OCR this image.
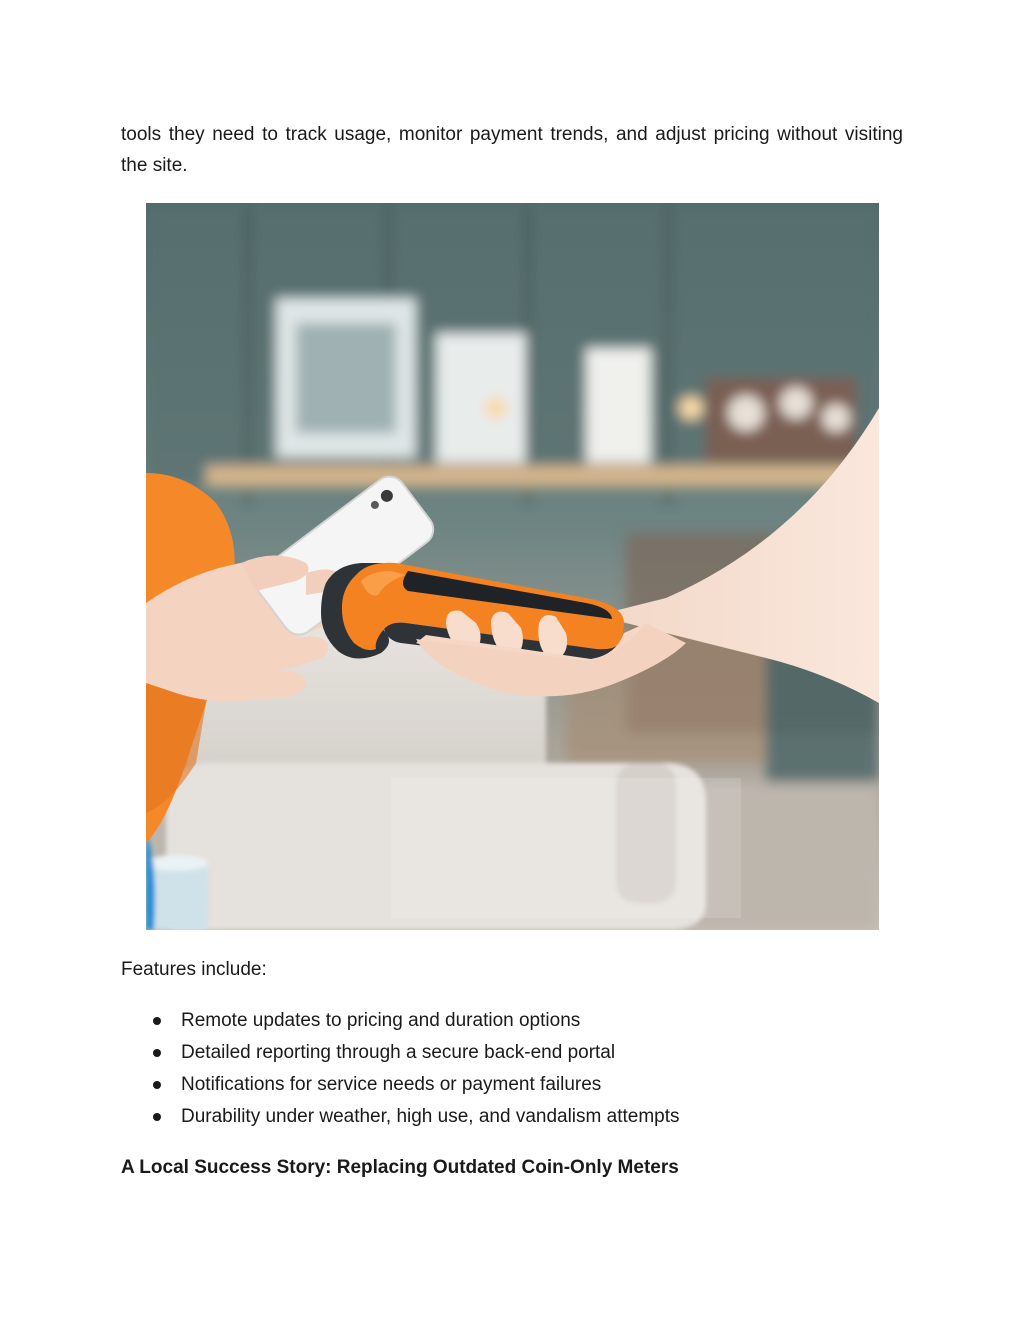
tools they need to track usage, monitor payment trends, and adjust pricing without visiting the site.

Features include:

Remote updates to pricing and duration options
Detailed reporting through a secure back-end portal
Notifications for service needs or payment failures
Durability under weather, high use, and vandalism attempts
A Local Success Story: Replacing Outdated Coin-Only Meters
